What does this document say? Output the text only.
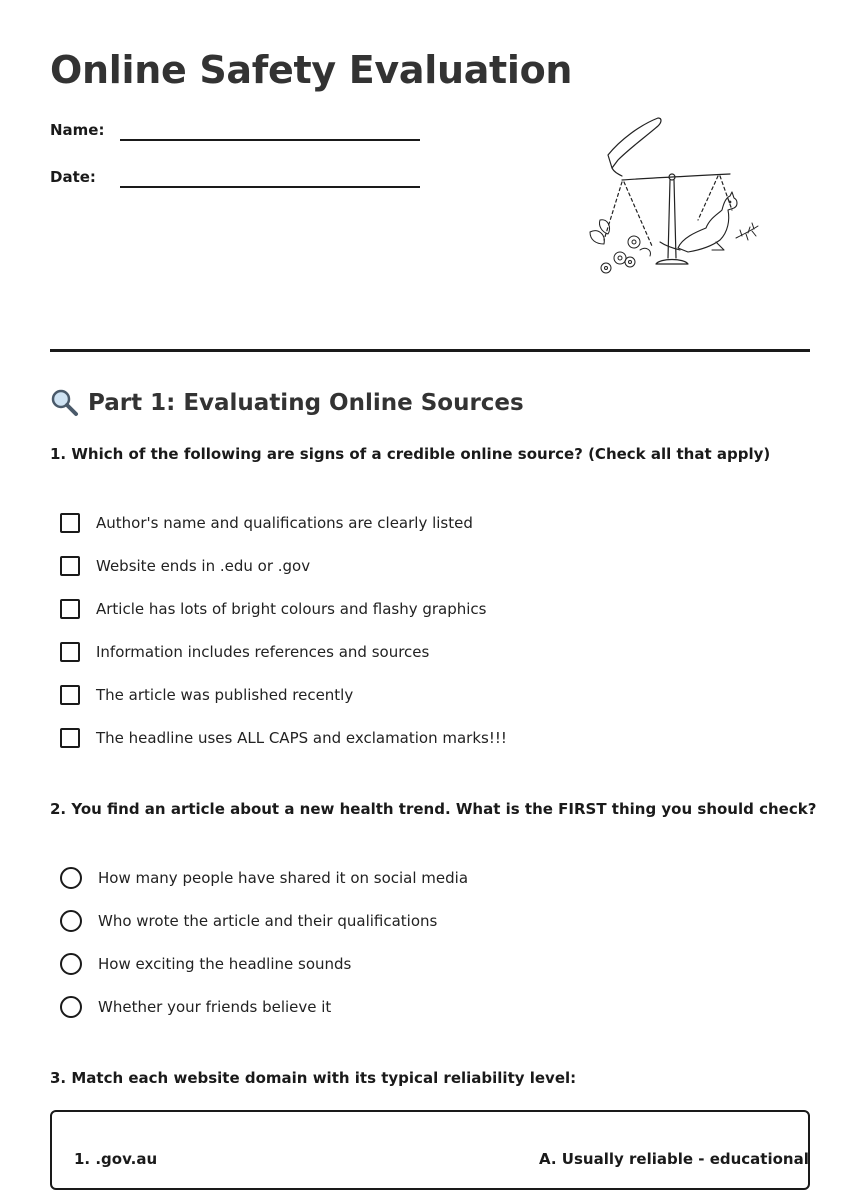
Online Safety Evaluation
Name:
Date:
Part 1: Evaluating Online Sources

1. Which of the following are signs of a credible online source? (Check all that apply)

Author's name and qualifications are clearly listed
Website ends in .edu or .gov
Article has lots of bright colours and flashy graphics
Information includes references and sources
The article was published recently
The headline uses ALL CAPS and exclamation marks!!!

2. You find an article about a new health trend. What is the FIRST thing you should check?

How many people have shared it on social media
Who wrote the article and their qualifications
How exciting the headline sounds
Whether your friends believe it

3. Match each website domain with its typical reliability level:

1. .gov.au	A. Usually reliable - educational
